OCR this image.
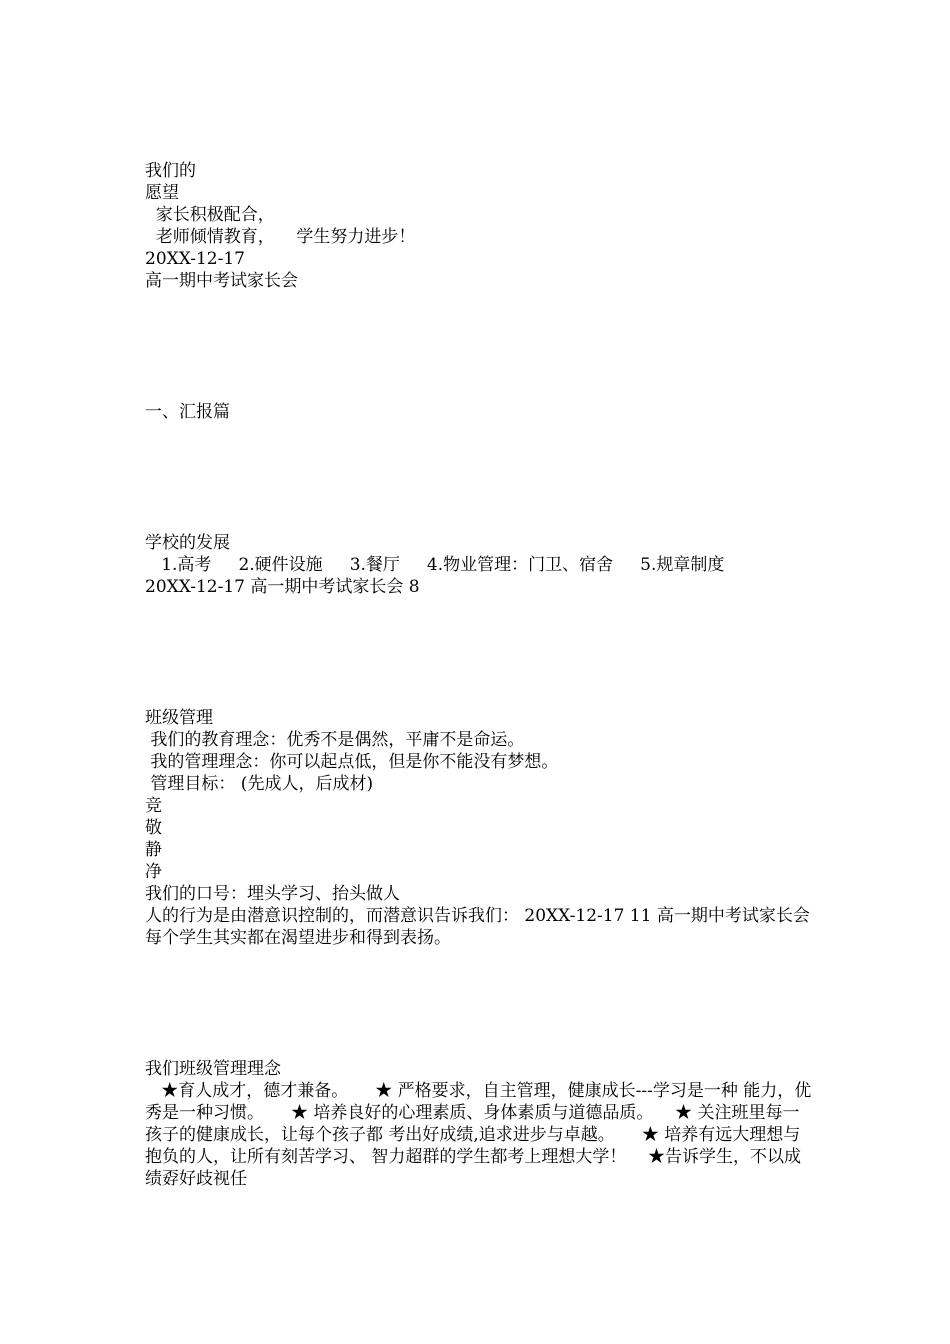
我们的
愿望
家长积极配合，
老师倾情教育，    学生努力进步！
20XX-12-17
高一期中考试家长会
一、汇报篇
学校的发展
1.高考     2.硬件设施     3.餐厅     4.物业管理：门卫、宿舍     5.规章制度
20XX-12-17 高一期中考试家长会 8
班级管理
我们的教育理念：优秀不是偶然，平庸不是命运。
我的管理理念：你可以起点低，但是你不能没有梦想。
管理目标： (先成人，后成材)
竞
敬
静
净
我们的口号：埋头学习、抬头做人
人的行为是由潜意识控制的，而潜意识告诉我们： 20XX-12-17 11 高一期中考试家长会 每个学生其实都在渴望进步和得到表扬。
我们班级管理理念
★育人成才，德才兼备。     ★ 严格要求，自主管理，健康成长---学习是一种 能力，优秀是一种习惯。     ★ 培养良好的心理素质、身体素质与道德品质。    ★ 关注班里每一孩子的健康成长，让每个孩子都 考出好成绩,追求进步与卓越。     ★ 培养有远大理想与抱负的人，让所有刻苦学习、 智力超群的学生都考上理想大学！    ★告诉学生，不以成绩孬好歧视任
